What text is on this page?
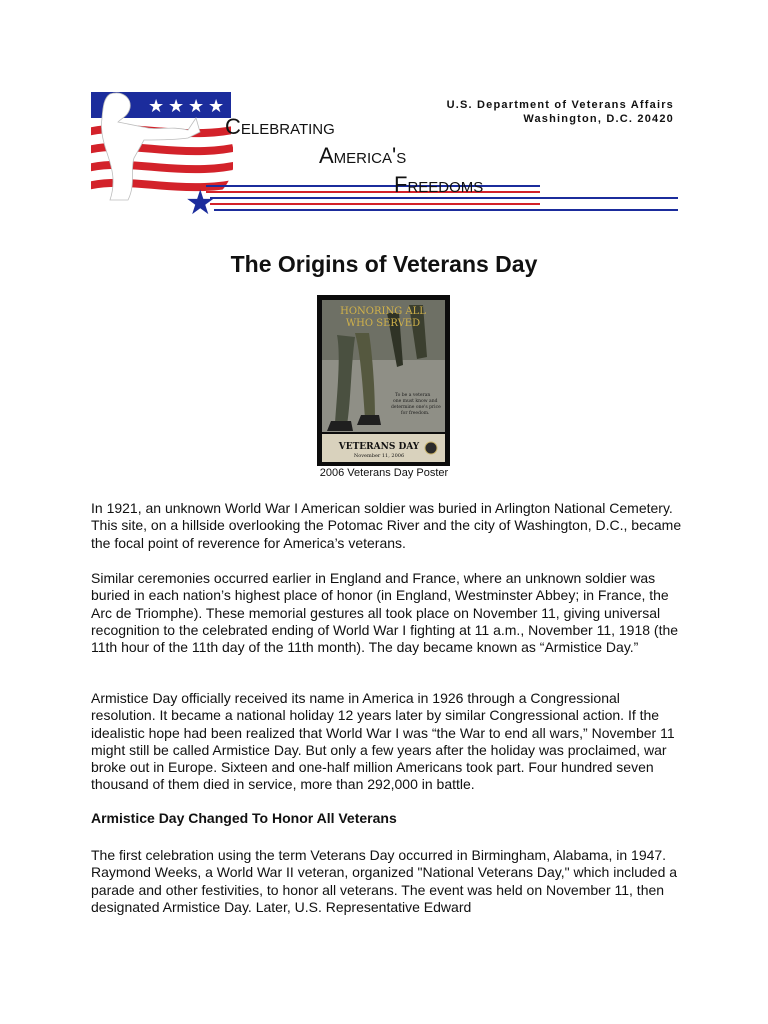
★ ★ ★ ★
★
Celebrating
America's
Freedoms
U.S. Department of Veterans Affairs
Washington, D.C. 20420
The Origins of Veterans Day
HONORING ALL
WHO SERVED
To be a veteran
one must know and
determine one's price
for freedom.
VETERANS DAY
November 11, 2006
2006 Veterans Day Poster

In 1921, an unknown World War I American soldier was buried in Arlington National Cemetery. This site, on a hillside overlooking the Potomac River and the city of Washington, D.C., became the focal point of reverence for America’s veterans.

Similar ceremonies occurred earlier in England and France, where an unknown soldier was buried in each nation’s highest place of honor (in England, Westminster Abbey; in France, the Arc de Triomphe). These memorial gestures all took place on November 11, giving universal recognition to the celebrated ending of World War I fighting at 11 a.m., November 11, 1918 (the 11th hour of the 11th day of the 11th month). The day became known as “Armistice Day.”

Armistice Day officially received its name in America in 1926 through a Congressional resolution. It became a national holiday 12 years later by similar Congressional action. If the idealistic hope had been realized that World War I was “the War to end all wars,” November 11 might still be called Armistice Day. But only a few years after the holiday was proclaimed, war broke out in Europe. Sixteen and one-half million Americans took part. Four hundred seven thousand of them died in service, more than 292,000 in battle.

Armistice Day Changed To Honor All Veterans

The first celebration using the term Veterans Day occurred in Birmingham, Alabama, in 1947. Raymond Weeks, a World War II veteran, organized "National Veterans Day," which included a parade and other festivities, to honor all veterans. The event was held on November 11, then designated Armistice Day. Later, U.S. Representative Edward
